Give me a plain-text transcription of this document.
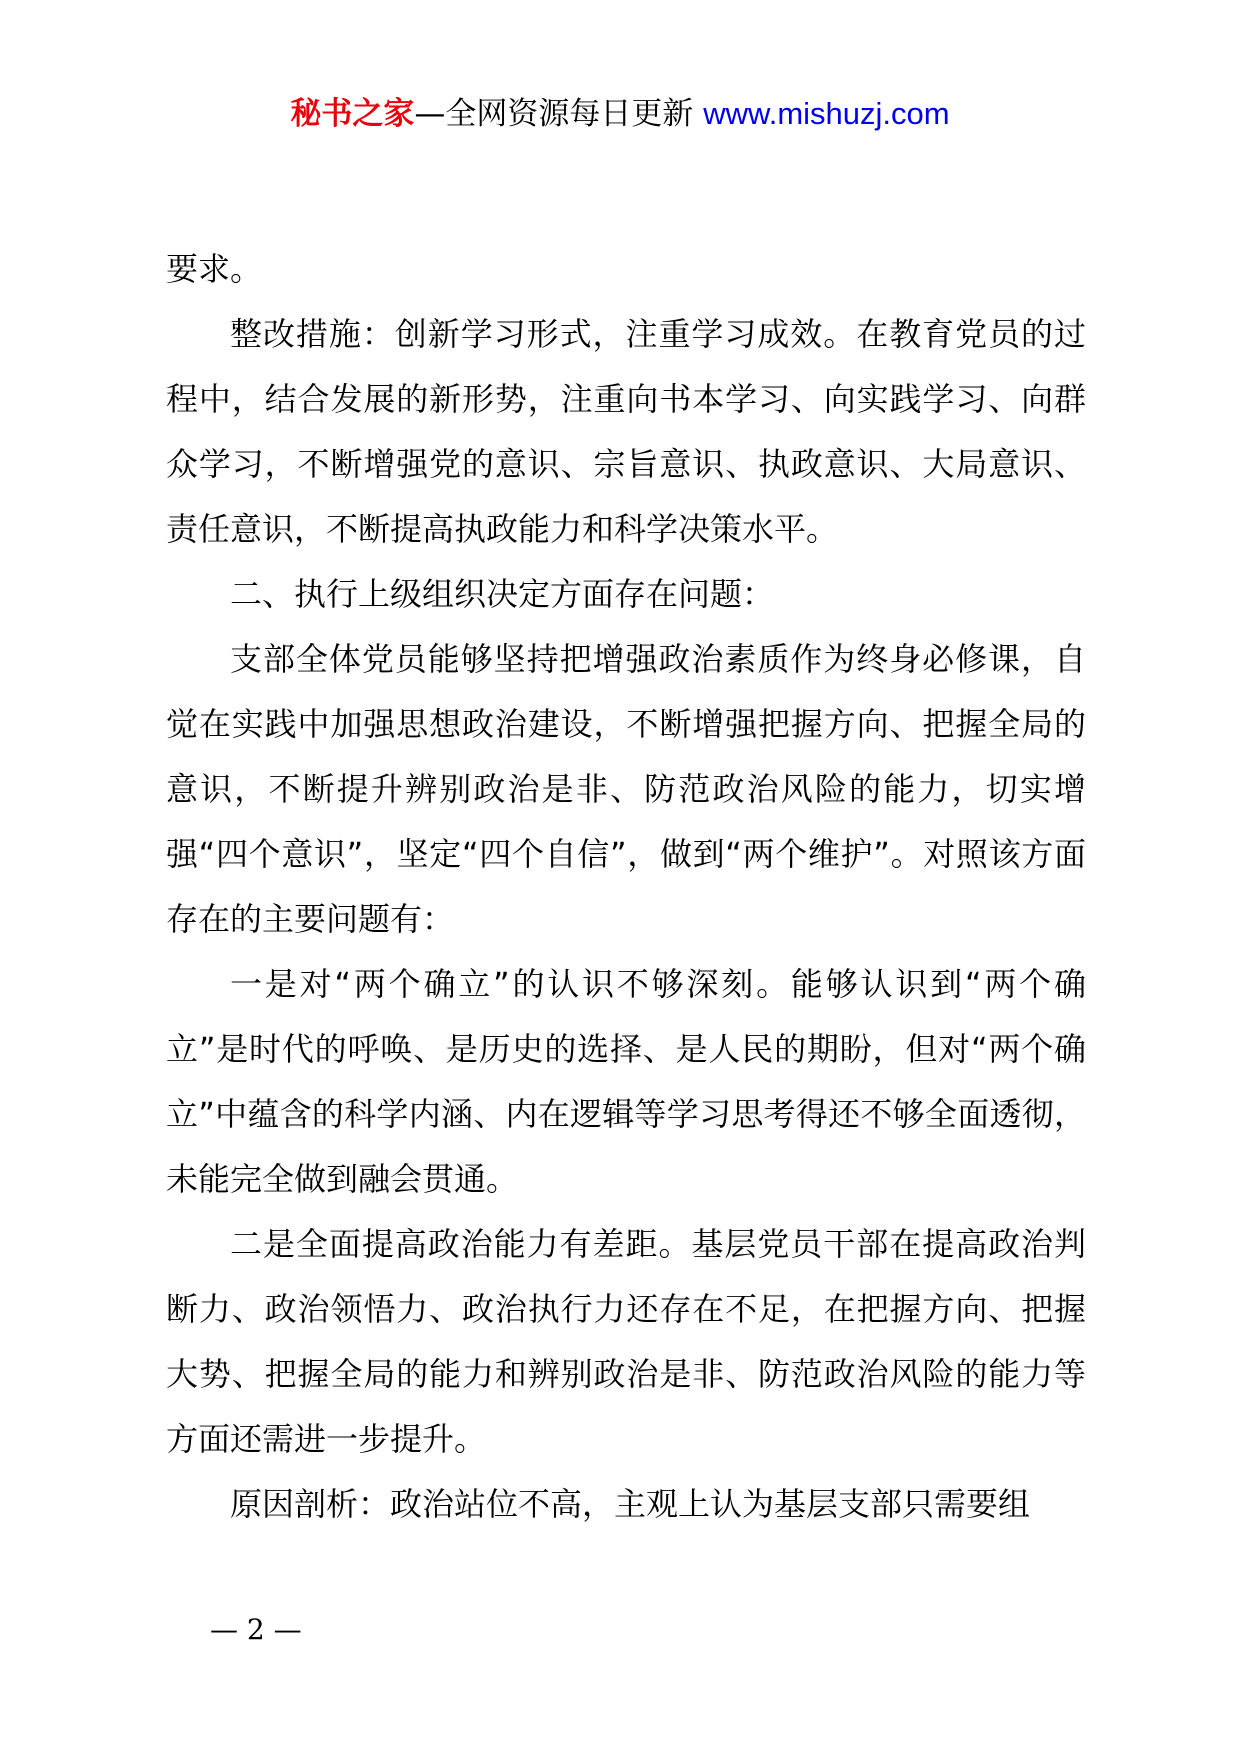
秘书之家—全网资源每日更新 www.mishuzj.com

要求。

整改措施：创新学习形式，注重学习成效。在教育党员的过程中，结合发展的新形势，注重向书本学习、向实践学习、向群众学习，不断增强党的意识、宗旨意识、执政意识、大局意识、责任意识，不断提高执政能力和科学决策水平。

二、执行上级组织决定方面存在问题：

支部全体党员能够坚持把增强政治素质作为终身必修课，自觉在实践中加强思想政治建设，不断增强把握方向、把握全局的意识，不断提升辨别政治是非、防范政治风险的能力，切实增强“四个意识”，坚定“四个自信”，做到“两个维护”。对照该方面存在的主要问题有：

一是对“两个确立”的认识不够深刻。能够认识到“两个确立”是时代的呼唤、是历史的选择、是人民的期盼，但对“两个确立”中蕴含的科学内涵、内在逻辑等学习思考得还不够全面透彻，未能完全做到融会贯通。

二是全面提高政治能力有差距。基层党员干部在提高政治判断力、政治领悟力、政治执行力还存在不足，在把握方向、把握大势、把握全局的能力和辨别政治是非、防范政治风险的能力等方面还需进一步提升。

原因剖析：政治站位不高，主观上认为基层支部只需要组

— 2 —
